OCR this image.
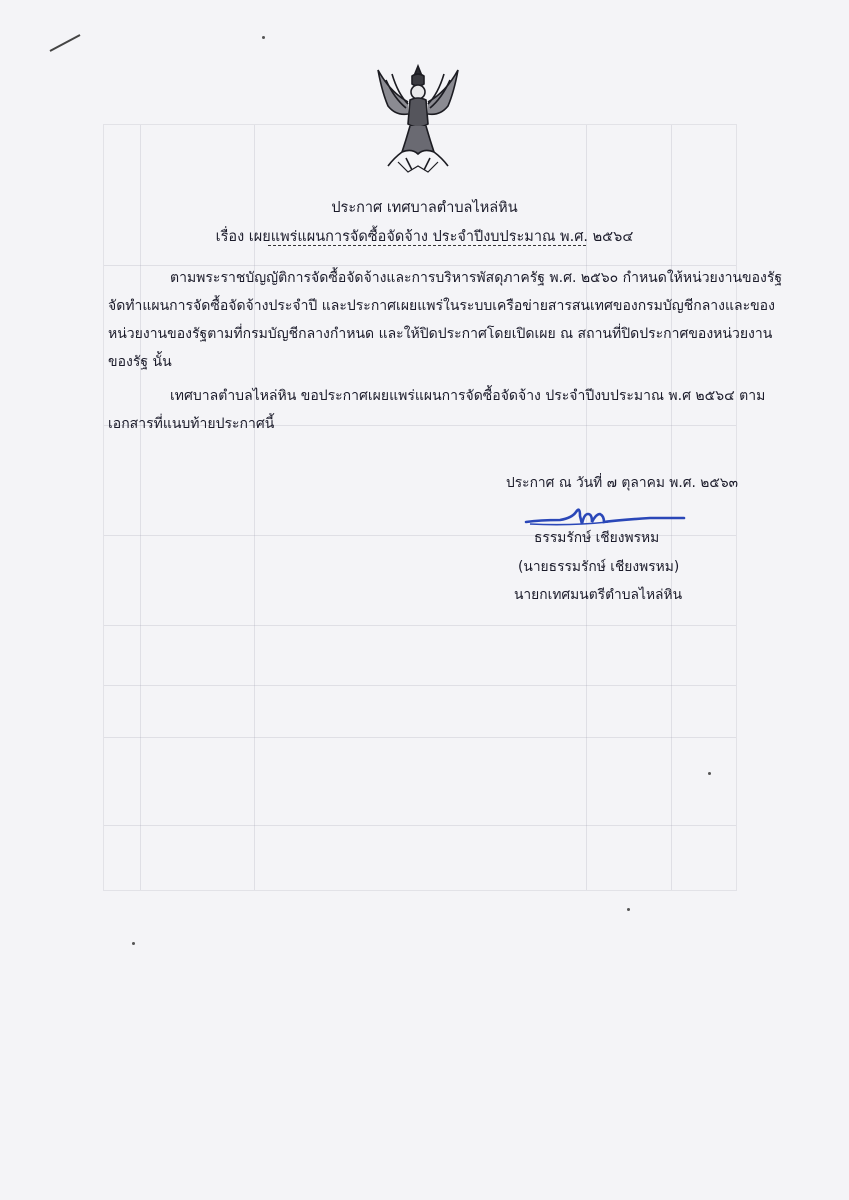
ประกาศ เทศบาลตำบลไหล่หิน
เรื่อง เผยแพร่แผนการจัดซื้อจัดจ้าง ประจำปีงบประมาณ พ.ศ. ๒๕๖๔
ตามพระราชบัญญัติการจัดซื้อจัดจ้างและการบริหารพัสดุภาครัฐ พ.ศ. ๒๕๖๐ กำหนดให้หน่วยงานของรัฐ
จัดทำแผนการจัดซื้อจัดจ้างประจำปี และประกาศเผยแพร่ในระบบเครือข่ายสารสนเทศของกรมบัญชีกลางและของ
หน่วยงานของรัฐตามที่กรมบัญชีกลางกำหนด และให้ปิดประกาศโดยเปิดเผย ณ สถานที่ปิดประกาศของหน่วยงาน
ของรัฐ นั้น
เทศบาลตำบลไหล่หิน ขอประกาศเผยแพร่แผนการจัดซื้อจัดจ้าง ประจำปีงบประมาณ พ.ศ ๒๕๖๔ ตาม
เอกสารที่แนบท้ายประกาศนี้
ประกาศ ณ วันที่ ๗ ตุลาคม พ.ศ. ๒๕๖๓
ธรรมรักษ์ เชียงพรหม
(นายธรรมรักษ์ เชียงพรหม)
นายกเทศมนตรีตำบลไหล่หิน
